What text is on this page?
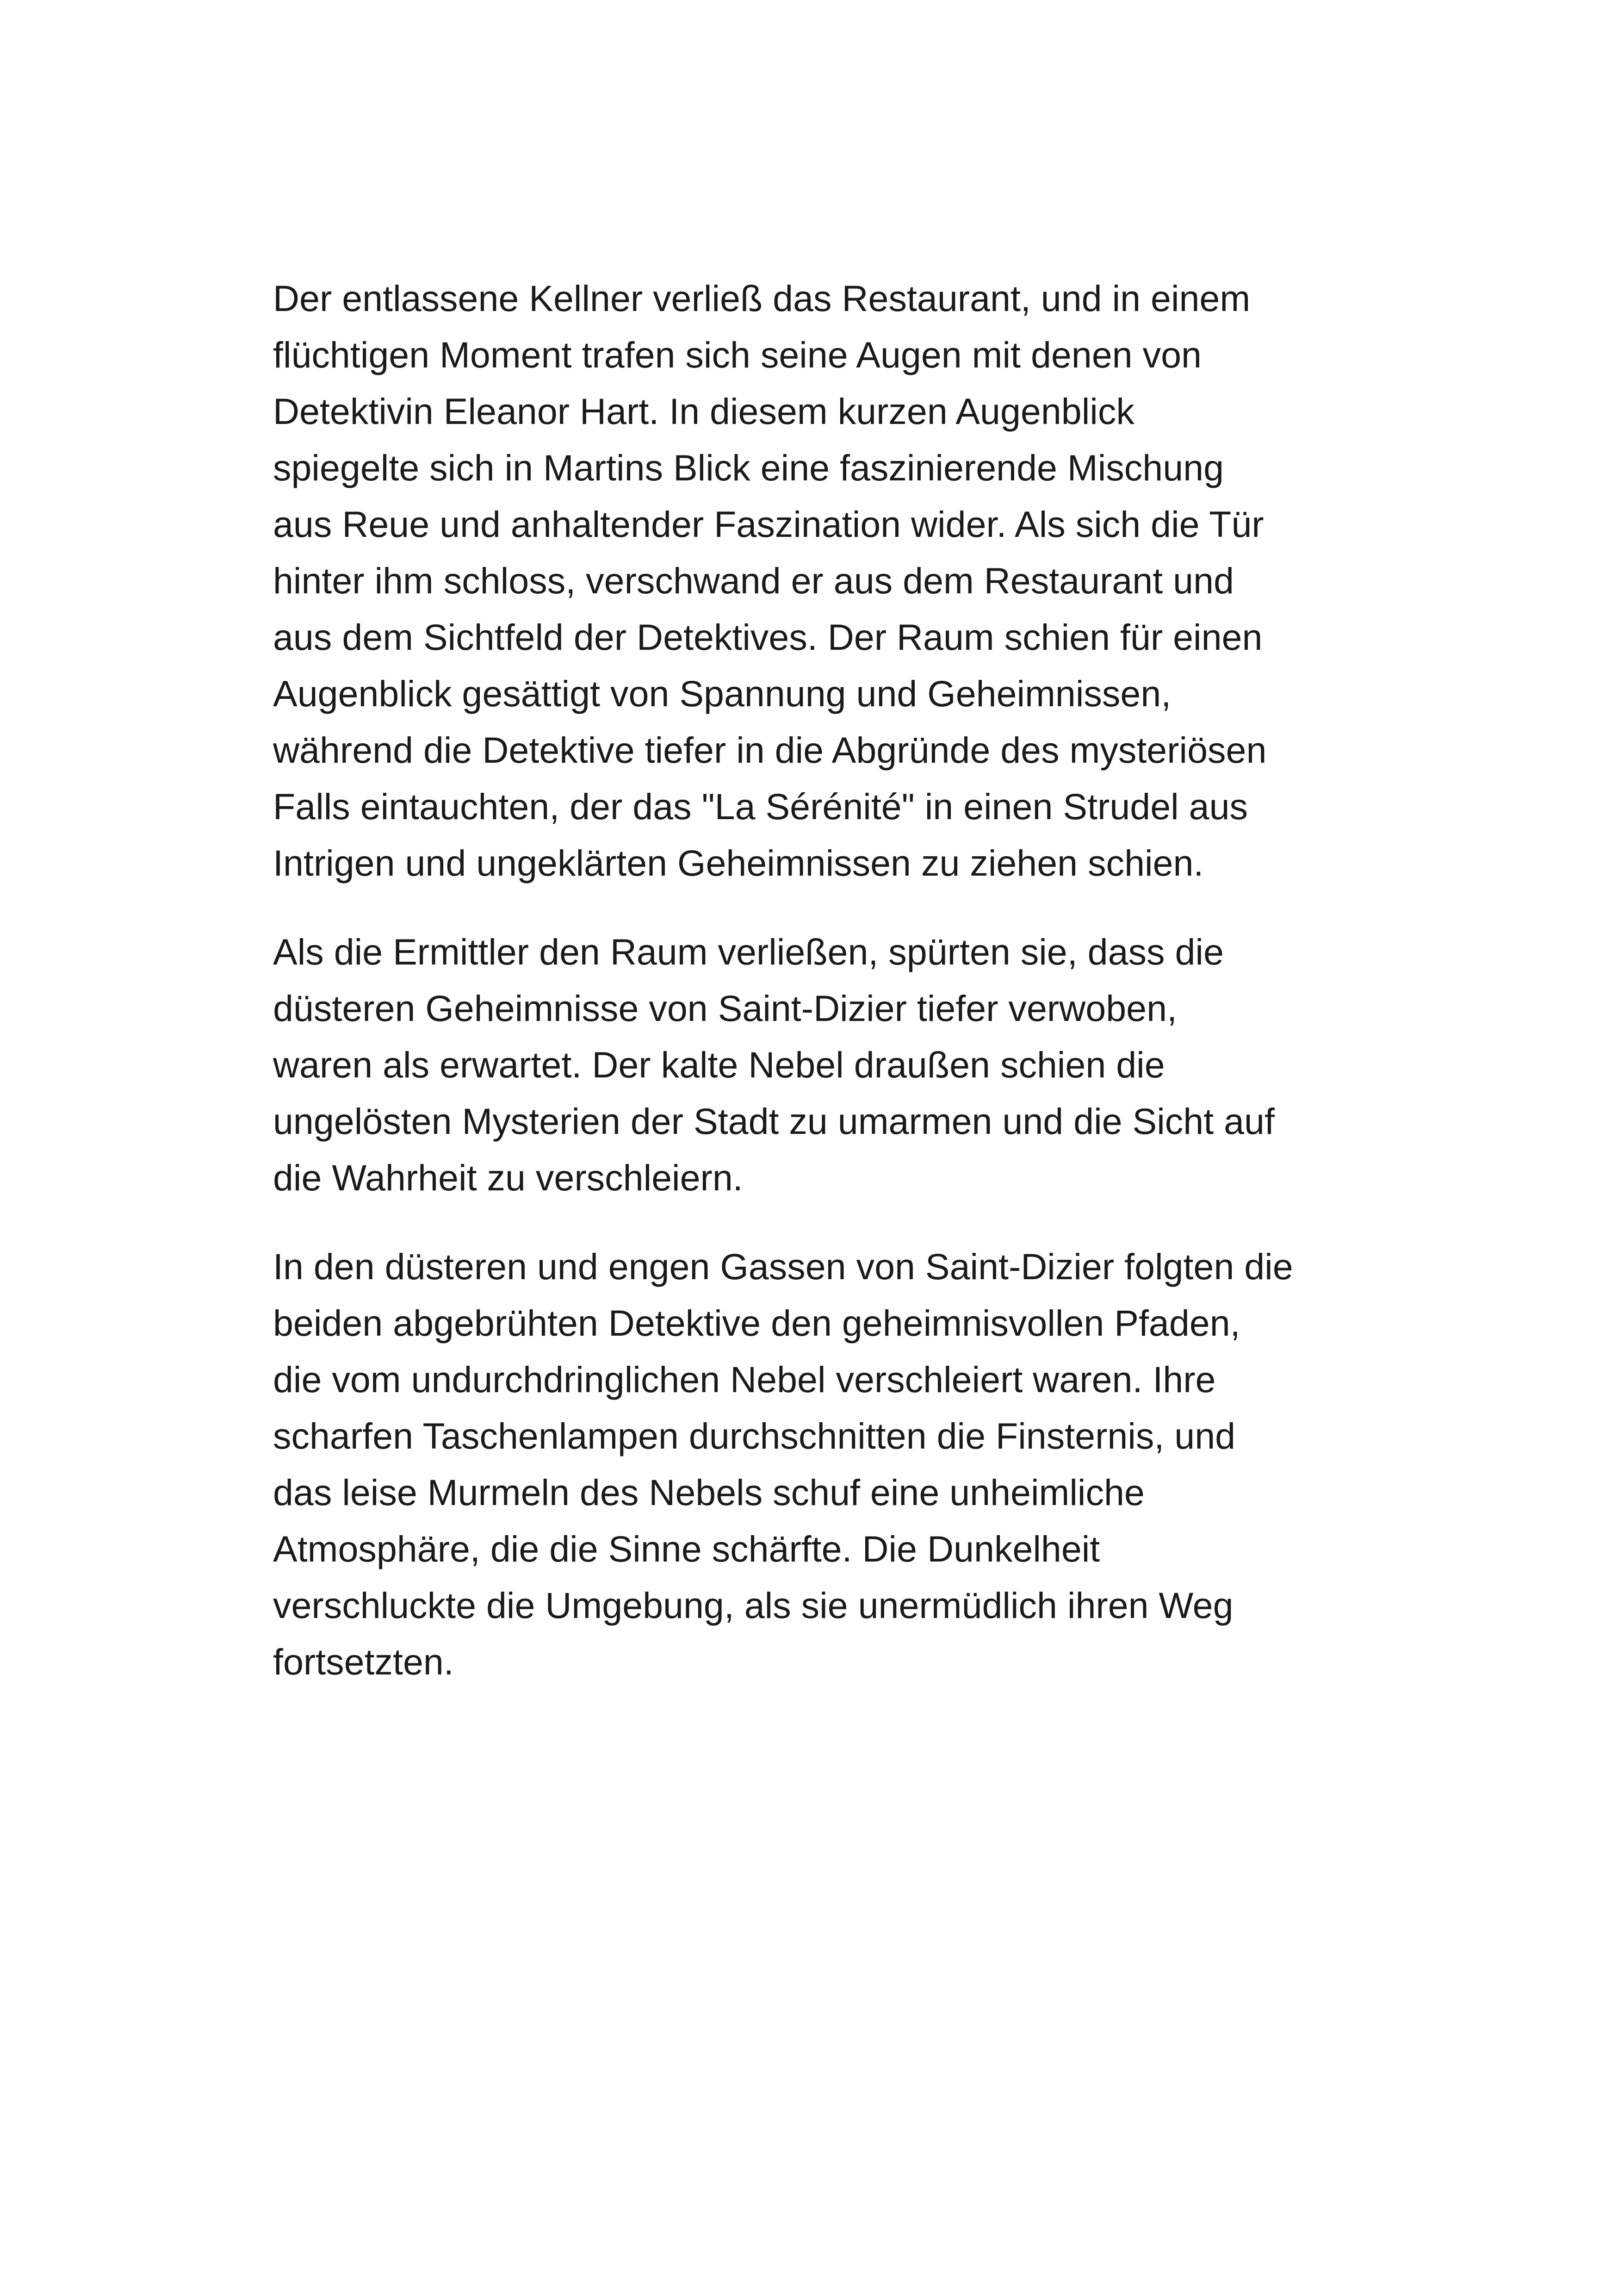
Der entlassene Kellner verließ das Restaurant, und in einem
flüchtigen Moment trafen sich seine Augen mit denen von
Detektivin Eleanor Hart. In diesem kurzen Augenblick
spiegelte sich in Martins Blick eine faszinierende Mischung
aus Reue und anhaltender Faszination wider. Als sich die Tür
hinter ihm schloss, verschwand er aus dem Restaurant und
aus dem Sichtfeld der Detektives. Der Raum schien für einen
Augenblick gesättigt von Spannung und Geheimnissen,
während die Detektive tiefer in die Abgründe des mysteriösen
Falls eintauchten, der das "La Sérénité" in einen Strudel aus
Intrigen und ungeklärten Geheimnissen zu ziehen schien.

Als die Ermittler den Raum verließen, spürten sie, dass die
düsteren Geheimnisse von Saint-Dizier tiefer verwoben,
waren als erwartet. Der kalte Nebel draußen schien die
ungelösten Mysterien der Stadt zu umarmen und die Sicht auf
die Wahrheit zu verschleiern.

In den düsteren und engen Gassen von Saint-Dizier folgten die
beiden abgebrühten Detektive den geheimnisvollen Pfaden,
die vom undurchdringlichen Nebel verschleiert waren. Ihre
scharfen Taschenlampen durchschnitten die Finsternis, und
das leise Murmeln des Nebels schuf eine unheimliche
Atmosphäre, die die Sinne schärfte. Die Dunkelheit
verschluckte die Umgebung, als sie unermüdlich ihren Weg
fortsetzten.
